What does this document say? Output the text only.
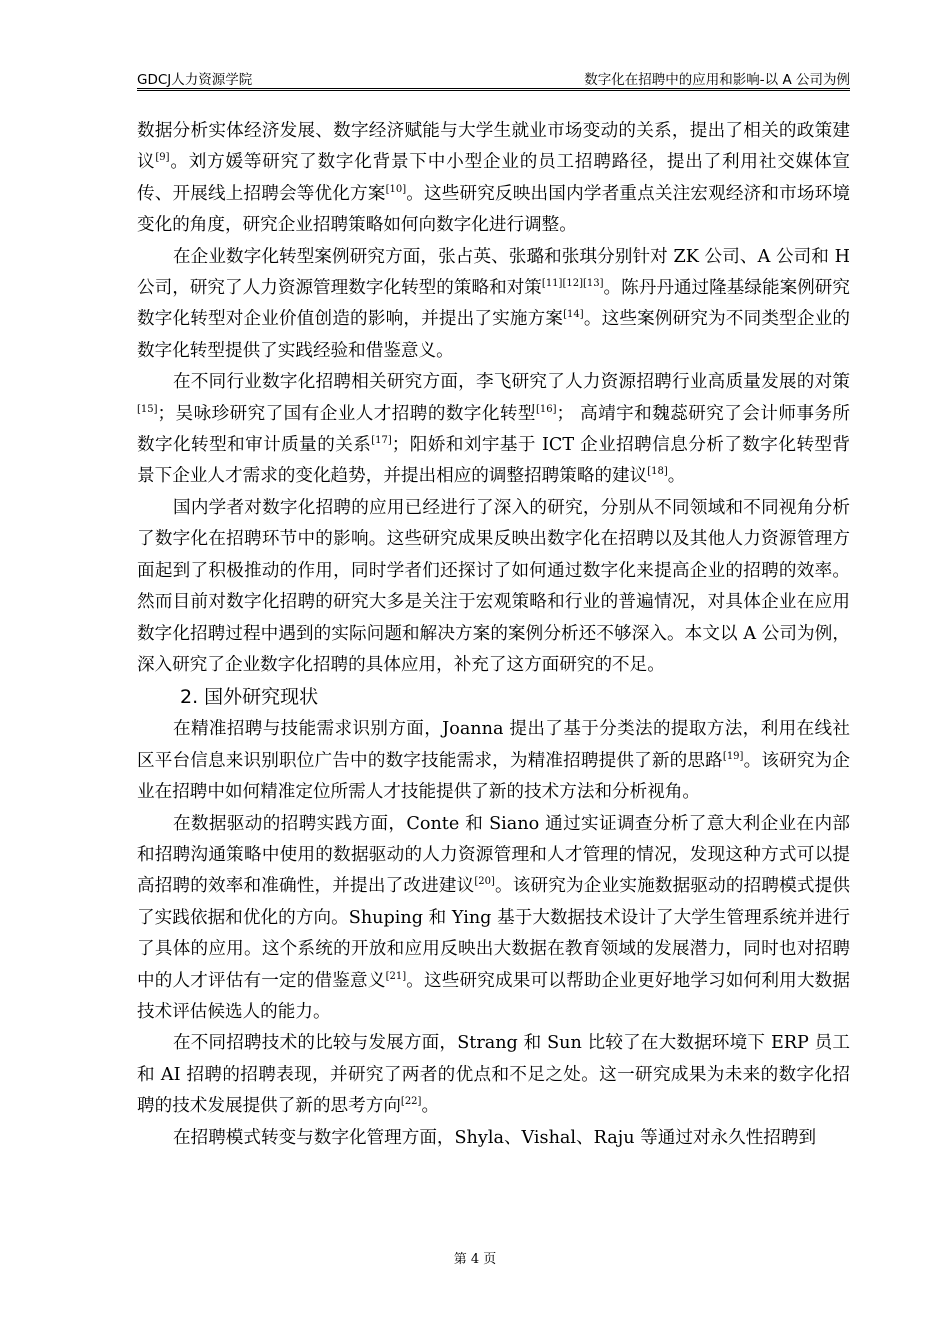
GDCJ人力资源学院	数字化在招聘中的应用和影响-以 A 公司为例

数据分析实体经济发展、数字经济赋能与大学生就业市场变动的关系，提出了相关的政策建议[9]。刘方媛等研究了数字化背景下中小型企业的员工招聘路径，提出了利用社交媒体宣传、开展线上招聘会等优化方案[10]。这些研究反映出国内学者重点关注宏观经济和市场环境变化的角度，研究企业招聘策略如何向数字化进行调整。

在企业数字化转型案例研究方面，张占英、张璐和张琪分别针对 ZK 公司、A 公司和 H 公司，研究了人力资源管理数字化转型的策略和对策[11][12][13]。陈丹丹通过隆基绿能案例研究数字化转型对企业价值创造的影响，并提出了实施方案[14]。这些案例研究为不同类型企业的数字化转型提供了实践经验和借鉴意义。

在不同行业数字化招聘相关研究方面，李飞研究了人力资源招聘行业高质量发展的对策[15]；吴咏珍研究了国有企业人才招聘的数字化转型[16]； 高靖宇和魏蕊研究了会计师事务所数字化转型和审计质量的关系[17]；阳娇和刘宇基于 ICT 企业招聘信息分析了数字化转型背景下企业人才需求的变化趋势，并提出相应的调整招聘策略的建议[18]。

国内学者对数字化招聘的应用已经进行了深入的研究，分别从不同领域和不同视角分析了数字化在招聘环节中的影响。这些研究成果反映出数字化在招聘以及其他人力资源管理方面起到了积极推动的作用，同时学者们还探讨了如何通过数字化来提高企业的招聘的效率。然而目前对数字化招聘的研究大多是关注于宏观策略和行业的普遍情况，对具体企业在应用数字化招聘过程中遇到的实际问题和解决方案的案例分析还不够深入。本文以 A 公司为例，深入研究了企业数字化招聘的具体应用，补充了这方面研究的不足。

2. 国外研究现状

在精准招聘与技能需求识别方面，Joanna 提出了基于分类法的提取方法，利用在线社区平台信息来识别职位广告中的数字技能需求，为精准招聘提供了新的思路[19]。该研究为企业在招聘中如何精准定位所需人才技能提供了新的技术方法和分析视角。

在数据驱动的招聘实践方面，Conte 和 Siano 通过实证调查分析了意大利企业在内部和招聘沟通策略中使用的数据驱动的人力资源管理和人才管理的情况，发现这种方式可以提高招聘的效率和准确性，并提出了改进建议[20]。该研究为企业实施数据驱动的招聘模式提供了实践依据和优化的方向。Shuping 和 Ying 基于大数据技术设计了大学生管理系统并进行了具体的应用。这个系统的开放和应用反映出大数据在教育领域的发展潜力，同时也对招聘中的人才评估有一定的借鉴意义[21]。这些研究成果可以帮助企业更好地学习如何利用大数据技术评估候选人的能力。

在不同招聘技术的比较与发展方面，Strang 和 Sun 比较了在大数据环境下 ERP 员工和 AI 招聘的招聘表现，并研究了两者的优点和不足之处。这一研究成果为未来的数字化招聘的技术发展提供了新的思考方向[22]。

在招聘模式转变与数字化管理方面，Shyla、Vishal、Raju 等通过对永久性招聘到

第 4 页
